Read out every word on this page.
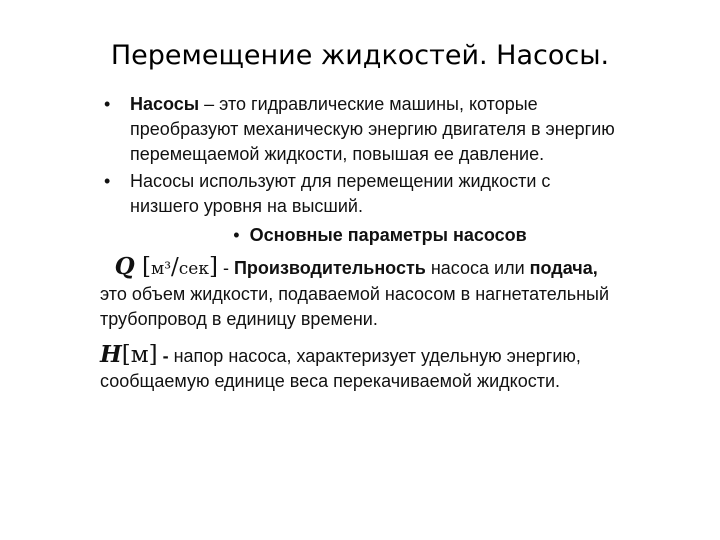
Перемещение жидкостей. Насосы.
• Насосы – это гидравлические машины, которые преобразуют механическую энергию двигателя в энергию перемещаемой жидкости, повышая ее давление.
• Насосы используют для перемещении жидкости с низшего уровня на высший.
• Основные параметры насосов
Q [м³/сек] - Производительность насоса или подача, это объем жидкости, подаваемой насосом в нагнетательный трубопровод в единицу времени.
H[м] - напор насоса, характеризует удельную энергию, сообщаемую единице веса перекачиваемой жидкости.
